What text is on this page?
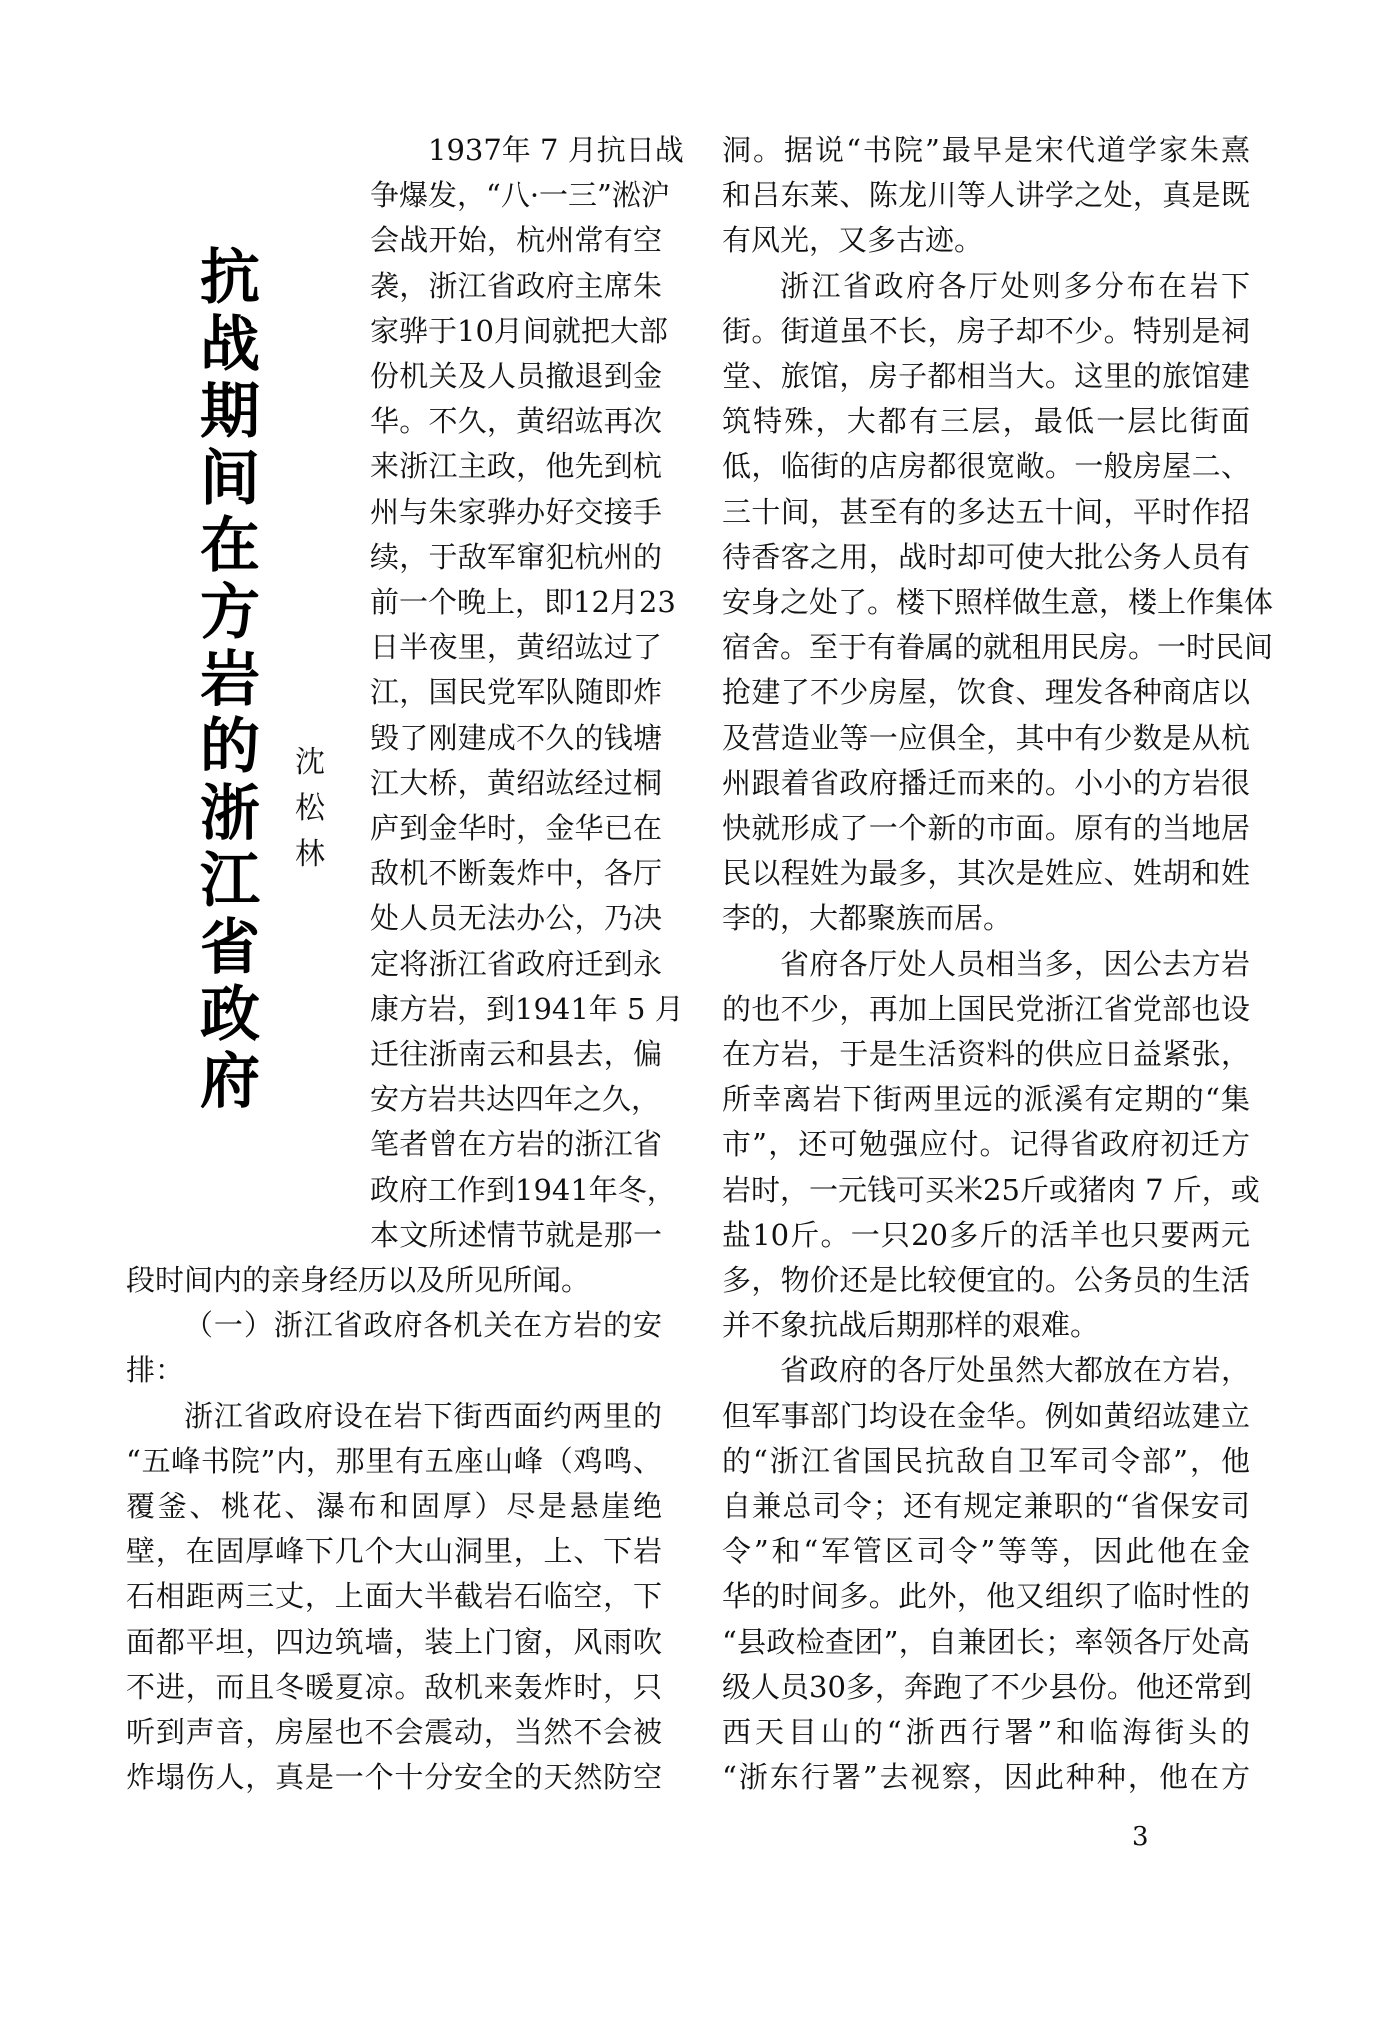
抗
战
期
间
在
方
岩
的
浙
江
省
政
府
沈
松
林
1937年 7 月抗日战
争爆发，“八·一三”淞沪
会战开始，杭州常有空
袭，浙江省政府主席朱
家骅于10月间就把大部
份机关及人员撤退到金
华。不久，黄绍竑再次
来浙江主政，他先到杭
州与朱家骅办好交接手
续，于敌军窜犯杭州的
前一个晚上，即12月23
日半夜里，黄绍竑过了
江，国民党军队随即炸
毁了刚建成不久的钱塘
江大桥，黄绍竑经过桐
庐到金华时，金华已在
敌机不断轰炸中，各厅
处人员无法办公，乃决
定将浙江省政府迁到永
康方岩，到1941年 5 月
迁往浙南云和县去，偏
安方岩共达四年之久，
笔者曾在方岩的浙江省
政府工作到1941年冬，
本文所述情节就是那一
段时间内的亲身经历以及所见所闻。
（一）浙江省政府各机关在方岩的安
排：
浙江省政府设在岩下街西面约两里的
“五峰书院”内，那里有五座山峰（鸡鸣、
覆釜、桃花、瀑布和固厚）尽是悬崖绝
壁，在固厚峰下几个大山洞里，上、下岩
石相距两三丈，上面大半截岩石临空，下
面都平坦，四边筑墙，装上门窗，风雨吹
不进，而且冬暖夏凉。敌机来轰炸时，只
听到声音，房屋也不会震动，当然不会被
炸塌伤人，真是一个十分安全的天然防空
洞。据说“书院”最早是宋代道学家朱熹
和吕东莱、陈龙川等人讲学之处，真是既
有风光，又多古迹。
浙江省政府各厅处则多分布在岩下
街。街道虽不长，房子却不少。特别是祠
堂、旅馆，房子都相当大。这里的旅馆建
筑特殊，大都有三层，最低一层比街面
低，临街的店房都很宽敞。一般房屋二、
三十间，甚至有的多达五十间，平时作招
待香客之用，战时却可使大批公务人员有
安身之处了。楼下照样做生意，楼上作集体
宿舍。至于有眷属的就租用民房。一时民间
抢建了不少房屋，饮食、理发各种商店以
及营造业等一应俱全，其中有少数是从杭
州跟着省政府播迁而来的。小小的方岩很
快就形成了一个新的市面。原有的当地居
民以程姓为最多，其次是姓应、姓胡和姓
李的，大都聚族而居。
省府各厅处人员相当多，因公去方岩
的也不少，再加上国民党浙江省党部也设
在方岩，于是生活资料的供应日益紧张，
所幸离岩下街两里远的派溪有定期的“集
市”，还可勉强应付。记得省政府初迁方
岩时，一元钱可买米25斤或猪肉 7 斤，或
盐10斤。一只20多斤的活羊也只要两元
多，物价还是比较便宜的。公务员的生活
并不象抗战后期那样的艰难。
省政府的各厅处虽然大都放在方岩，
但军事部门均设在金华。例如黄绍竑建立
的“浙江省国民抗敌自卫军司令部”，他
自兼总司令；还有规定兼职的“省保安司
令”和“军管区司令”等等，因此他在金
华的时间多。此外，他又组织了临时性的
“县政检查团”，自兼团长；率领各厅处高
级人员30多，奔跑了不少县份。他还常到
西天目山的“浙西行署”和临海街头的
“浙东行署”去视察，因此种种，他在方
3
